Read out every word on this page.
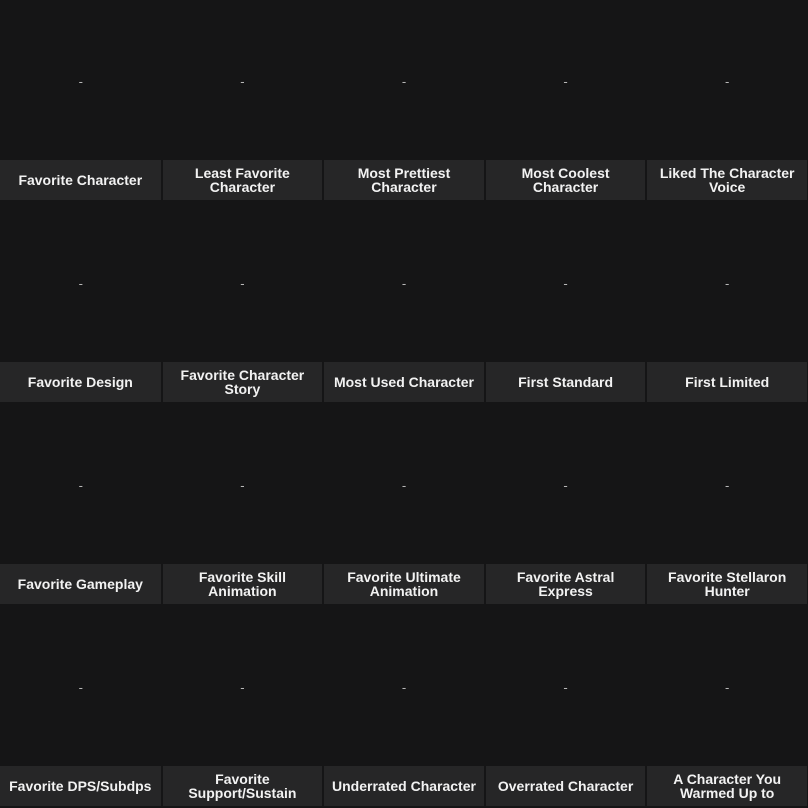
-
Favorite Character
-
Least Favorite Character
-
Most Prettiest Character
-
Most Coolest Character
-
Liked The Character Voice
-
Favorite Design
-
Favorite Character Story
-
Most Used Character
-
First Standard
-
First Limited
-
Favorite Gameplay
-
Favorite Skill Animation
-
Favorite Ultimate Animation
-
Favorite Astral Express
-
Favorite Stellaron Hunter
-
Favorite DPS/Subdps
-
Favorite Support/Sustain
-
Underrated Character
-
Overrated Character
-
A Character You Warmed Up to
